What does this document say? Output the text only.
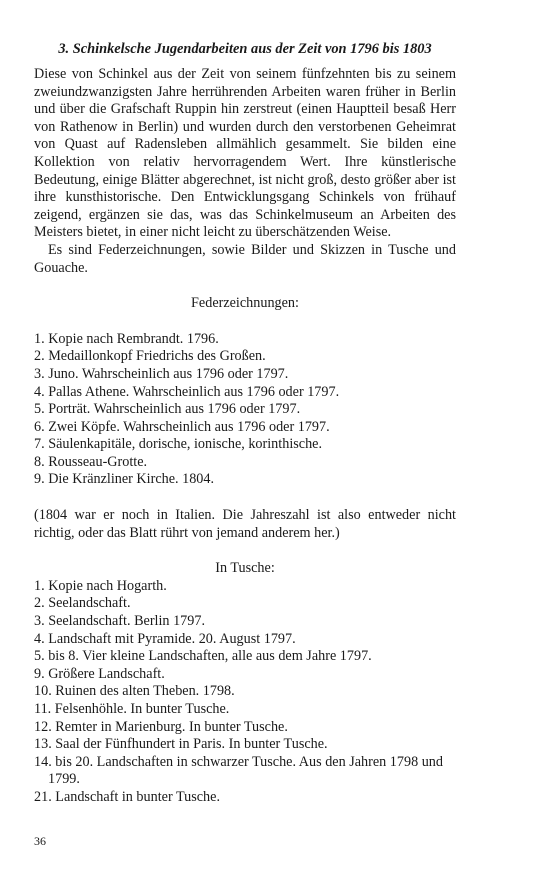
3. Schinkelsche Jugendarbeiten aus der Zeit von 1796 bis 1803

Diese von Schinkel aus der Zeit von seinem fünfzehnten bis zu seinem zweiundzwanzigsten Jahre herrührenden Arbeiten waren früher in Berlin und über die Grafschaft Ruppin hin zerstreut (einen Hauptteil besaß Herr von Rathenow in Berlin) und wurden durch den verstorbenen Geheimrat von Quast auf Radensleben allmählich gesammelt. Sie bilden eine Kollektion von relativ hervorragendem Wert. Ihre künstlerische Bedeutung, einige Blätter abgerechnet, ist nicht groß, desto größer aber ist ihre kunsthistorische. Den Entwicklungsgang Schinkels von frühauf zeigend, ergänzen sie das, was das Schinkelmuseum an Arbeiten des Meisters bietet, in einer nicht leicht zu überschätzenden Weise.

Es sind Federzeichnungen, sowie Bilder und Skizzen in Tusche und Gouache.

Federzeichnungen:

1. Kopie nach Rembrandt. 1796.
2. Medaillonkopf Friedrichs des Großen.
3. Juno. Wahrscheinlich aus 1796 oder 1797.
4. Pallas Athene. Wahrscheinlich aus 1796 oder 1797.
5. Porträt. Wahrscheinlich aus 1796 oder 1797.
6. Zwei Köpfe. Wahrscheinlich aus 1796 oder 1797.
7. Säulenkapitäle, dorische, ionische, korinthische.
8. Rousseau-Grotte.
9. Die Kränzliner Kirche. 1804.

(1804 war er noch in Italien. Die Jahreszahl ist also entweder nicht richtig, oder das Blatt rührt von jemand anderem her.)

In Tusche:

1. Kopie nach Hogarth.
2. Seelandschaft.
3. Seelandschaft. Berlin 1797.
4. Landschaft mit Pyramide. 20. August 1797.
5. bis 8. Vier kleine Landschaften, alle aus dem Jahre 1797.
9. Größere Landschaft.
10. Ruinen des alten Theben. 1798.
11. Felsenhöhle. In bunter Tusche.
12. Remter in Marienburg. In bunter Tusche.
13. Saal der Fünfhundert in Paris. In bunter Tusche.
14. bis 20. Landschaften in schwarzer Tusche. Aus den Jahren 1798 und 1799.
21. Landschaft in bunter Tusche.
36
